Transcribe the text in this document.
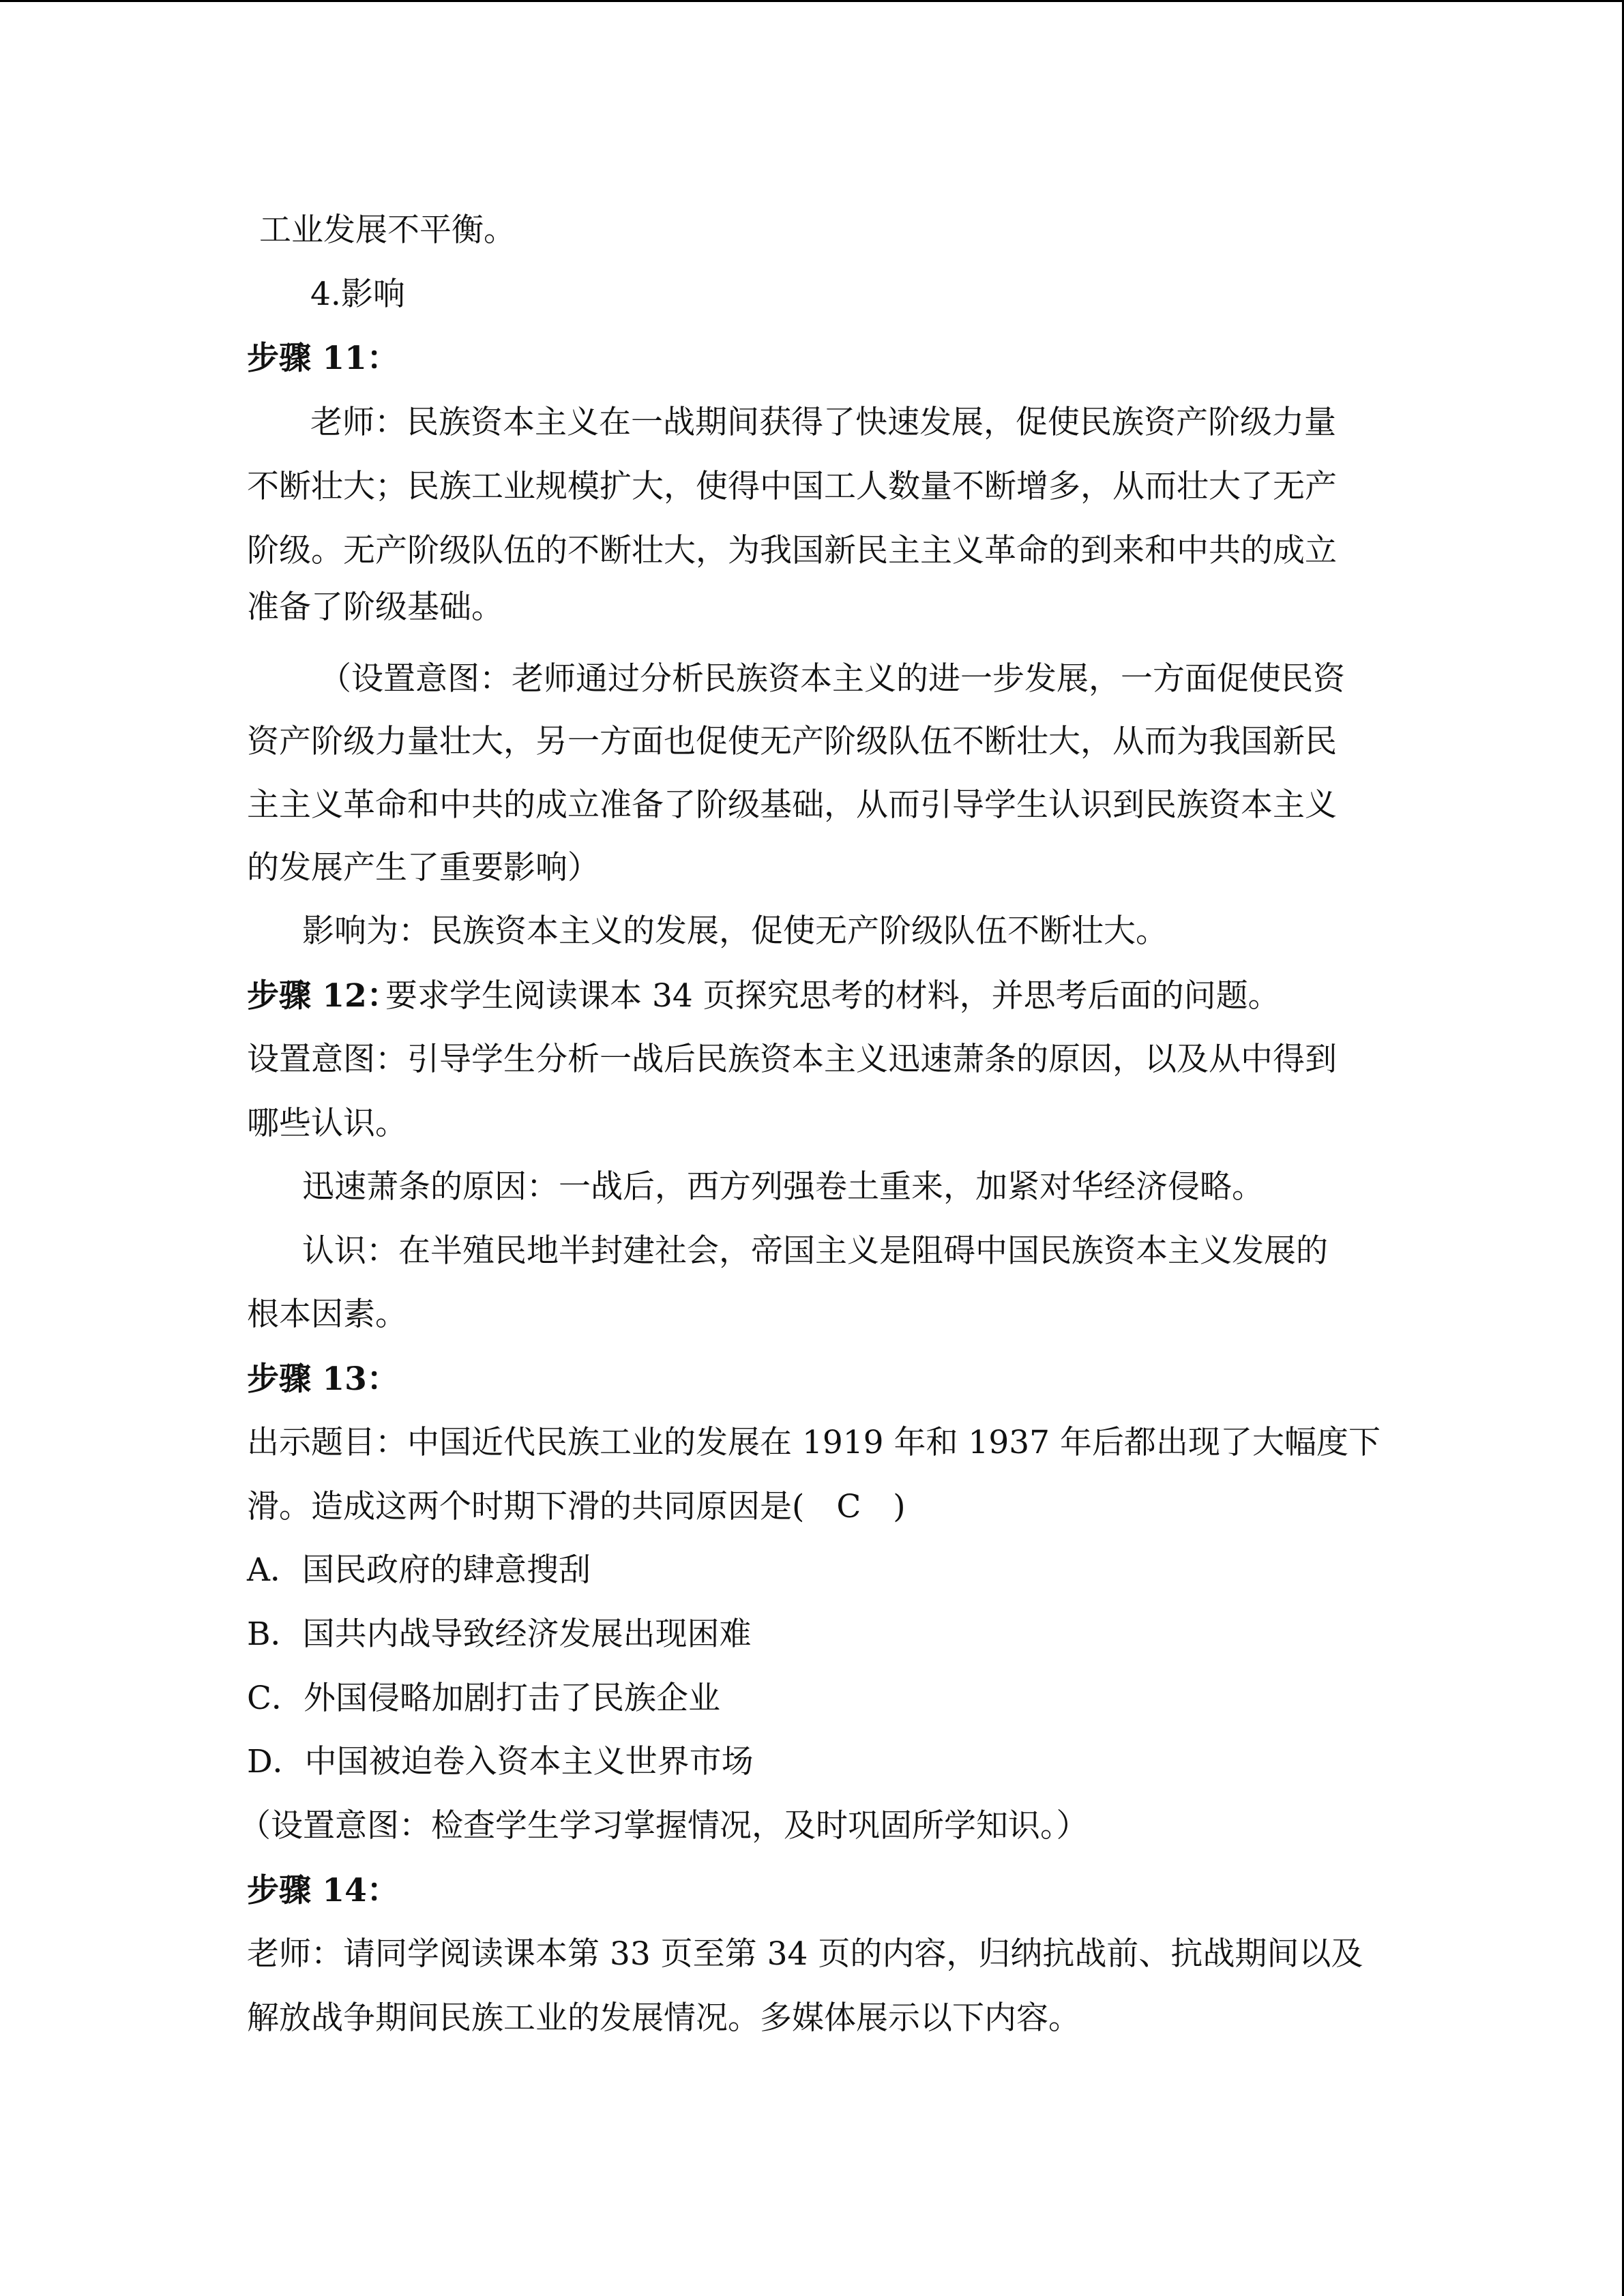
工业发展不平衡。

4.影响

步骤 11：

老师：民族资本主义在一战期间获得了快速发展，促使民族资产阶级力量

不断壮大；民族工业规模扩大，使得中国工人数量不断增多，从而壮大了无产

阶级。无产阶级队伍的不断壮大，为我国新民主主义革命的到来和中共的成立

准备了阶级基础。

（设置意图：老师通过分析民族资本主义的进一步发展，一方面促使民资

资产阶级力量壮大，另一方面也促使无产阶级队伍不断壮大，从而为我国新民

主主义革命和中共的成立准备了阶级基础，从而引导学生认识到民族资本主义

的发展产生了重要影响）

影响为：民族资本主义的发展，促使无产阶级队伍不断壮大。

步骤 12：

要求学生阅读课本 34 页探究思考的材料，并思考后面的问题。

设置意图：引导学生分析一战后民族资本主义迅速萧条的原因，以及从中得到

哪些认识。

迅速萧条的原因：一战后，西方列强卷土重来，加紧对华经济侵略。

认识：在半殖民地半封建社会，帝国主义是阻碍中国民族资本主义发展的

根本因素。

步骤 13：

出示题目：中国近代民族工业的发展在 1919 年和 1937 年后都出现了大幅度下

滑。造成这两个时期下滑的共同原因是(　C　)

A．国民政府的肆意搜刮

B．国共内战导致经济发展出现困难

C．外国侵略加剧打击了民族企业

D．中国被迫卷入资本主义世界市场

（设置意图：检查学生学习掌握情况，及时巩固所学知识。）

步骤 14：

老师：请同学阅读课本第 33 页至第 34 页的内容，归纳抗战前、抗战期间以及

解放战争期间民族工业的发展情况。多媒体展示以下内容。
